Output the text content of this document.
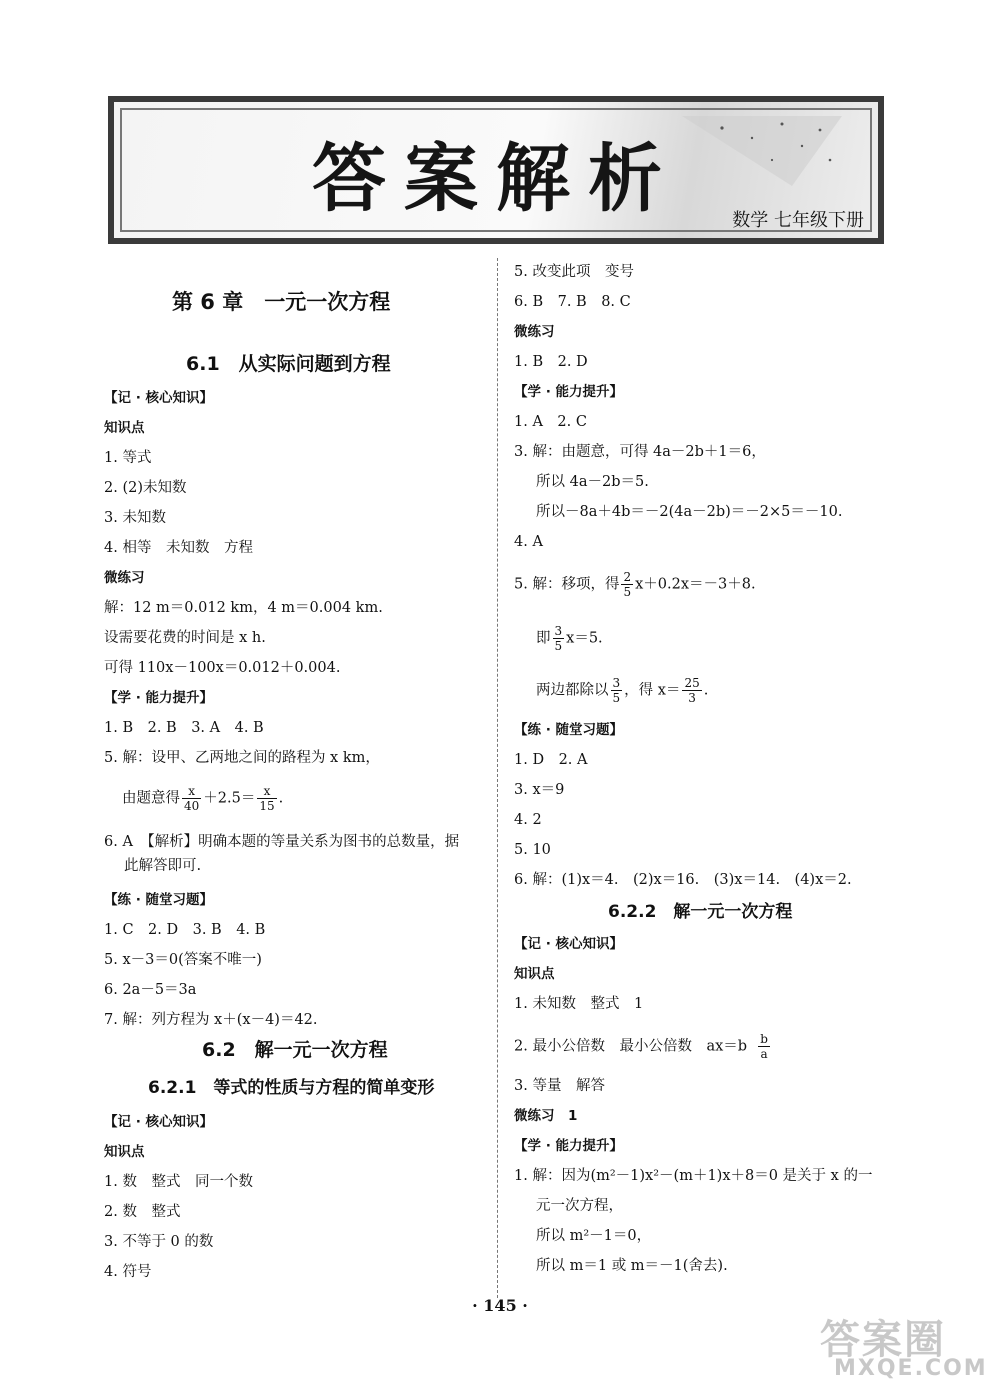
答案解析	数学 七年级下册
第 6 章　一元一次方程
6.1　从实际问题到方程
【记 · 核心知识】
知识点
1. 等式
2. (2)未知数
3. 未知数
4. 相等　未知数　方程
微练习
解：12 m＝0.012 km，4 m＝0.004 km.
设需要花费的时间是 x h.
可得 110x－100x＝0.012＋0.004.
【学 · 能力提升】
1. B　2. B　3. A　4. B
5. 解：设甲、乙两地之间的路程为 x km，
由题意得 $\frac{x}{40} +2.5= \frac{x}{15}$ .
6. A　【解析】明确本题的等量关系为图书的总数量，据
此解答即可.
【练 · 随堂习题】
1. C　2. D　3. B　4. B
5. x－3＝0(答案不唯一)
6. 2a－5＝3a
7. 解：列方程为 x＋(x－4)＝42.
6.2　解一元一次方程
6.2.1　等式的性质与方程的简单变形
【记 · 核心知识】
知识点
1. 数　整式　同一个数
2. 数　整式
3. 不等于 0 的数
4. 符号
5. 改变此项　变号
6. B　7. B　8. C
微练习
1. B　2. D
【学 · 能力提升】
1. A　2. C
3. 解：由题意，可得 4a－2b＋1＝6，
所以 4a－2b＝5.
所以－8a＋4b＝－2(4a－2b)＝－2×5＝－10.
4. A
5. 解：移项，得 $\frac{2}{5} x+0.2x=-3+8$.
即 $\frac{3}{5} x=5$.
两边都除以 $\frac{3}{5}$ ，得 $x= \frac{25}{3}$ .
【练 · 随堂习题】
1. D　2. A
3. x＝9
4. 2
5. 10
6. 解：(1)x＝4.　(2)x＝16.　(3)x＝14.　(4)x＝2.
6.2.2　解一元一次方程
【记 · 核心知识】
知识点
1. 未知数　整式　1
2. 最小公倍数　最小公倍数　$ax=b \frac{b}{a}$
3. 等量　解答
微练习　1
【学 · 能力提升】
1. 解：因为(m²－1)x²－(m＋1)x＋8＝0 是关于 x 的一
元一次方程，
所以 m²－1＝0，
所以 m＝1 或 m＝－1(舍去).
· 145 ·
答案圈
MXQE.COM
